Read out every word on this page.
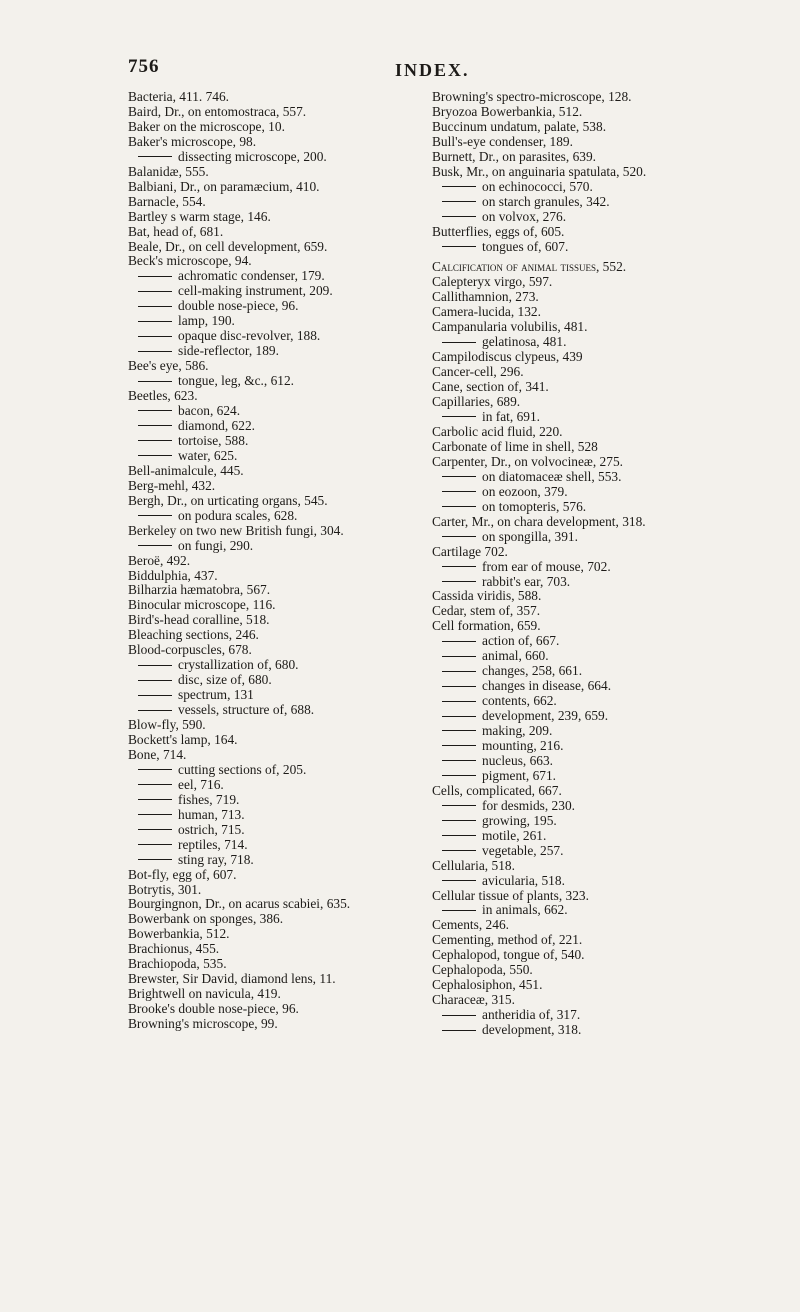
756	INDEX.
Bacteria, 411. 746.
Baird, Dr., on entomostraca, 557.
Baker on the microscope, 10.
Baker's microscope, 98.
dissecting microscope, 200.
Balanidæ, 555.
Balbiani, Dr., on paramæcium, 410.
Barnacle, 554.
Bartley s warm stage, 146.
Bat, head of, 681.
Beale, Dr., on cell development, 659.
Beck's microscope, 94.
achromatic condenser, 179.
cell-making instrument, 209.
double nose-piece, 96.
lamp, 190.
opaque disc-revolver, 188.
side-reflector, 189.
Bee's eye, 586.
tongue, leg, &c., 612.
Beetles, 623.
bacon, 624.
diamond, 622.
tortoise, 588.
water, 625.
Bell-animalcule, 445.
Berg-mehl, 432.
Bergh, Dr., on urticating organs, 545.
on podura scales, 628.
Berkeley on two new British fungi, 304.
on fungi, 290.
Beroë, 492.
Biddulphia, 437.
Bilharzia hæmatobra, 567.
Binocular microscope, 116.
Bird's-head coralline, 518.
Bleaching sections, 246.
Blood-corpuscles, 678.
crystallization of, 680.
disc, size of, 680.
spectrum, 131
vessels, structure of, 688.
Blow-fly, 590.
Bockett's lamp, 164.
Bone, 714.
cutting sections of, 205.
eel, 716.
fishes, 719.
human, 713.
ostrich, 715.
reptiles, 714.
sting ray, 718.
Bot-fly, egg of, 607.
Botrytis, 301.
Bourgingnon, Dr., on acarus scabiei, 635.
Bowerbank on sponges, 386.
Bowerbankia, 512.
Brachionus, 455.
Brachiopoda, 535.
Brewster, Sir David, diamond lens, 11.
Brightwell on navicula, 419.
Brooke's double nose-piece, 96.
Browning's microscope, 99.
Browning's spectro-microscope, 128.
Bryozoa Bowerbankia, 512.
Buccinum undatum, palate, 538.
Bull's-eye condenser, 189.
Burnett, Dr., on parasites, 639.
Busk, Mr., on anguinaria spatulata, 520.
on echinococci, 570.
on starch granules, 342.
on volvox, 276.
Butterflies, eggs of, 605.
tongues of, 607.
Calcification of animal tissues, 552.
Calepteryx virgo, 597.
Callithamnion, 273.
Camera-lucida, 132.
Campanularia volubilis, 481.
gelatinosa, 481.
Campilodiscus clypeus, 439
Cancer-cell, 296.
Cane, section of, 341.
Capillaries, 689.
in fat, 691.
Carbolic acid fluid, 220.
Carbonate of lime in shell, 528
Carpenter, Dr., on volvocineæ, 275.
on diatomaceæ shell, 553.
on eozoon, 379.
on tomopteris, 576.
Carter, Mr., on chara development, 318.
on spongilla, 391.
Cartilage 702.
from ear of mouse, 702.
rabbit's ear, 703.
Cassida viridis, 588.
Cedar, stem of, 357.
Cell formation, 659.
action of, 667.
animal, 660.
changes, 258, 661.
changes in disease, 664.
contents, 662.
development, 239, 659.
making, 209.
mounting, 216.
nucleus, 663.
pigment, 671.
Cells, complicated, 667.
for desmids, 230.
growing, 195.
motile, 261.
vegetable, 257.
Cellularia, 518.
avicularia, 518.
Cellular tissue of plants, 323.
in animals, 662.
Cements, 246.
Cementing, method of, 221.
Cephalopod, tongue of, 540.
Cephalopoda, 550.
Cephalosiphon, 451.
Characeæ, 315.
antheridia of, 317.
development, 318.
